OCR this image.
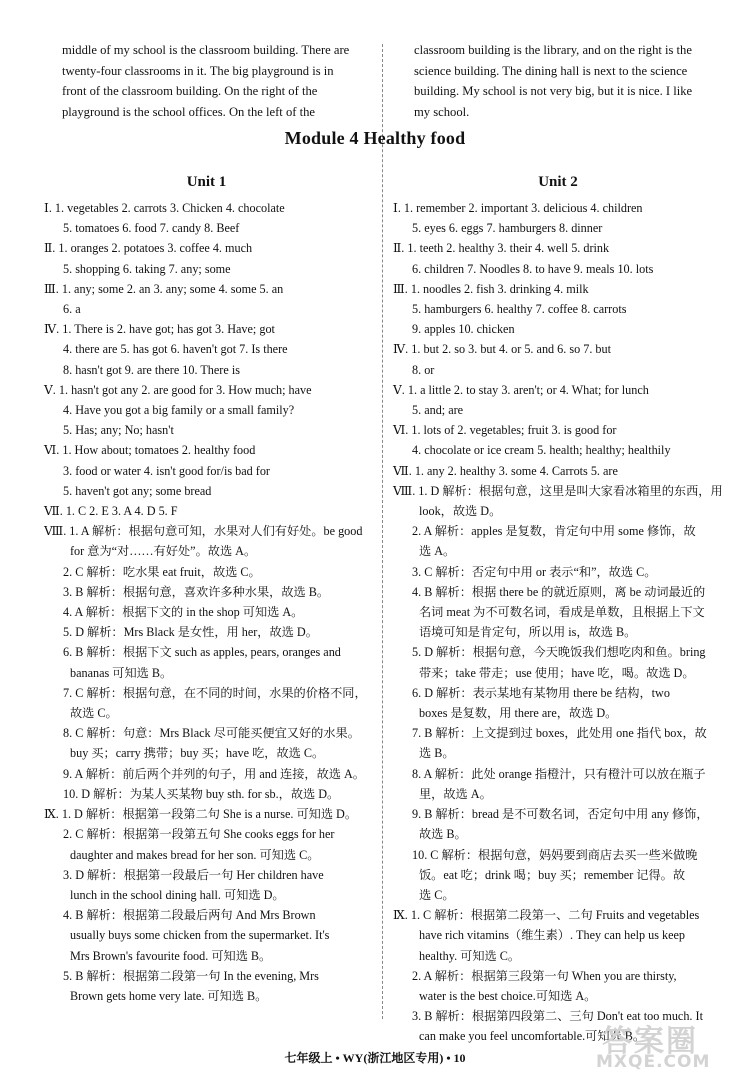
middle of my school is the classroom building. There are
twenty-four classrooms in it. The big playground is in
front of the classroom building. On the right of the
playground is the school offices. On the left of the
classroom building is the library, and on the right is the
science building. The dining hall is next to the science
building. My school is not very big, but it is nice. I like
my school.
Module 4 Healthy food
Unit 1
Ⅰ. 1. vegetables 2. carrots 3. Chicken 4. chocolate
5. tomatoes 6. food 7. candy 8. Beef
Ⅱ. 1. oranges 2. potatoes 3. coffee 4. much
5. shopping 6. taking 7. any; some
Ⅲ. 1. any; some 2. an 3. any; some 4. some 5. an
6. a
Ⅳ. 1. There is 2. have got; has got 3. Have; got
4. there are 5. has got 6. haven't got 7. Is there
8. hasn't got 9. are there 10. There is
Ⅴ. 1. hasn't got any 2. are good for 3. How much; have
4. Have you got a big family or a small family?
5. Has; any; No; hasn't
Ⅵ. 1. How about; tomatoes 2. healthy food
3. food or water 4. isn't good for/is bad for
5. haven't got any; some bread
Ⅶ. 1. C 2. E 3. A 4. D 5. F
Ⅷ. 1. A 解析：根据句意可知，水果对人们有好处。be good
for 意为“对……有好处”。故选 A。
2. C 解析：吃水果 eat fruit，故选 C。
3. B 解析：根据句意，喜欢许多种水果，故选 B。
4. A 解析：根据下文的 in the shop 可知选 A。
5. D 解析：Mrs Black 是女性，用 her，故选 D。
6. B 解析：根据下文 such as apples, pears, oranges and
bananas 可知选 B。
7. C 解析：根据句意，在不同的时间，水果的价格不同，
故选 C。
8. C 解析：句意：Mrs Black 尽可能买便宜又好的水果。
buy 买；carry 携带；buy 买；have 吃，故选 C。
9. A 解析：前后两个并列的句子，用 and 连接，故选 A。
10. D 解析：为某人买某物 buy sth. for sb.，故选 D。
Ⅸ. 1. D 解析：根据第一段第二句 She is a nurse. 可知选 D。
2. C 解析：根据第一段第五句 She cooks eggs for her
daughter and makes bread for her son. 可知选 C。
3. D 解析：根据第一段最后一句 Her children have
lunch in the school dining hall. 可知选 D。
4. B 解析：根据第二段最后两句 And Mrs Brown
usually buys some chicken from the supermarket. It's
Mrs Brown's favourite food. 可知选 B。
5. B 解析：根据第二段第一句 In the evening, Mrs
Brown gets home very late. 可知选 B。
Unit 2
Ⅰ. 1. remember 2. important 3. delicious 4. children
5. eyes 6. eggs 7. hamburgers 8. dinner
Ⅱ. 1. teeth 2. healthy 3. their 4. well 5. drink
6. children 7. Noodles 8. to have 9. meals 10. lots
Ⅲ. 1. noodles 2. fish 3. drinking 4. milk
5. hamburgers 6. healthy 7. coffee 8. carrots
9. apples 10. chicken
Ⅳ. 1. but 2. so 3. but 4. or 5. and 6. so 7. but
8. or
Ⅴ. 1. a little 2. to stay 3. aren't; or 4. What; for lunch
5. and; are
Ⅵ. 1. lots of 2. vegetables; fruit 3. is good for
4. chocolate or ice cream 5. health; healthy; healthily
Ⅶ. 1. any 2. healthy 3. some 4. Carrots 5. are
Ⅷ. 1. D 解析：根据句意，这里是叫大家看冰箱里的东西，用
look，故选 D。
2. A 解析：apples 是复数，肯定句中用 some 修饰，故
选 A。
3. C 解析：否定句中用 or 表示“和”，故选 C。
4. B 解析：根据 there be 的就近原则，离 be 动词最近的
名词 meat 为不可数名词，看成是单数，且根据上下文
语境可知是肯定句，所以用 is，故选 B。
5. D 解析：根据句意，今天晚饭我们想吃肉和鱼。bring
带来；take 带走；use 使用；have 吃，喝。故选 D。
6. D 解析：表示某地有某物用 there be 结构，two
boxes 是复数，用 there are，故选 D。
7. B 解析：上文提到过 boxes，此处用 one 指代 box，故
选 B。
8. A 解析：此处 orange 指橙汁，只有橙汁可以放在瓶子
里，故选 A。
9. B 解析：bread 是不可数名词，否定句中用 any 修饰，
故选 B。
10. C 解析：根据句意，妈妈要到商店去买一些米做晚
饭。eat 吃；drink 喝；buy 买；remember 记得。故
选 C。
Ⅸ. 1. C 解析：根据第二段第一、二句 Fruits and vegetables
have rich vitamins（维生素）. They can help us keep
healthy. 可知选 C。
2. A 解析：根据第三段第一句 When you are thirsty,
water is the best choice.可知选 A。
3. B 解析：根据第四段第二、三句 Don't eat too much. It
can make you feel uncomfortable.可知选 B。
七年级上 • WY(浙江地区专用) • 10	答案圈
MXQE.COM
